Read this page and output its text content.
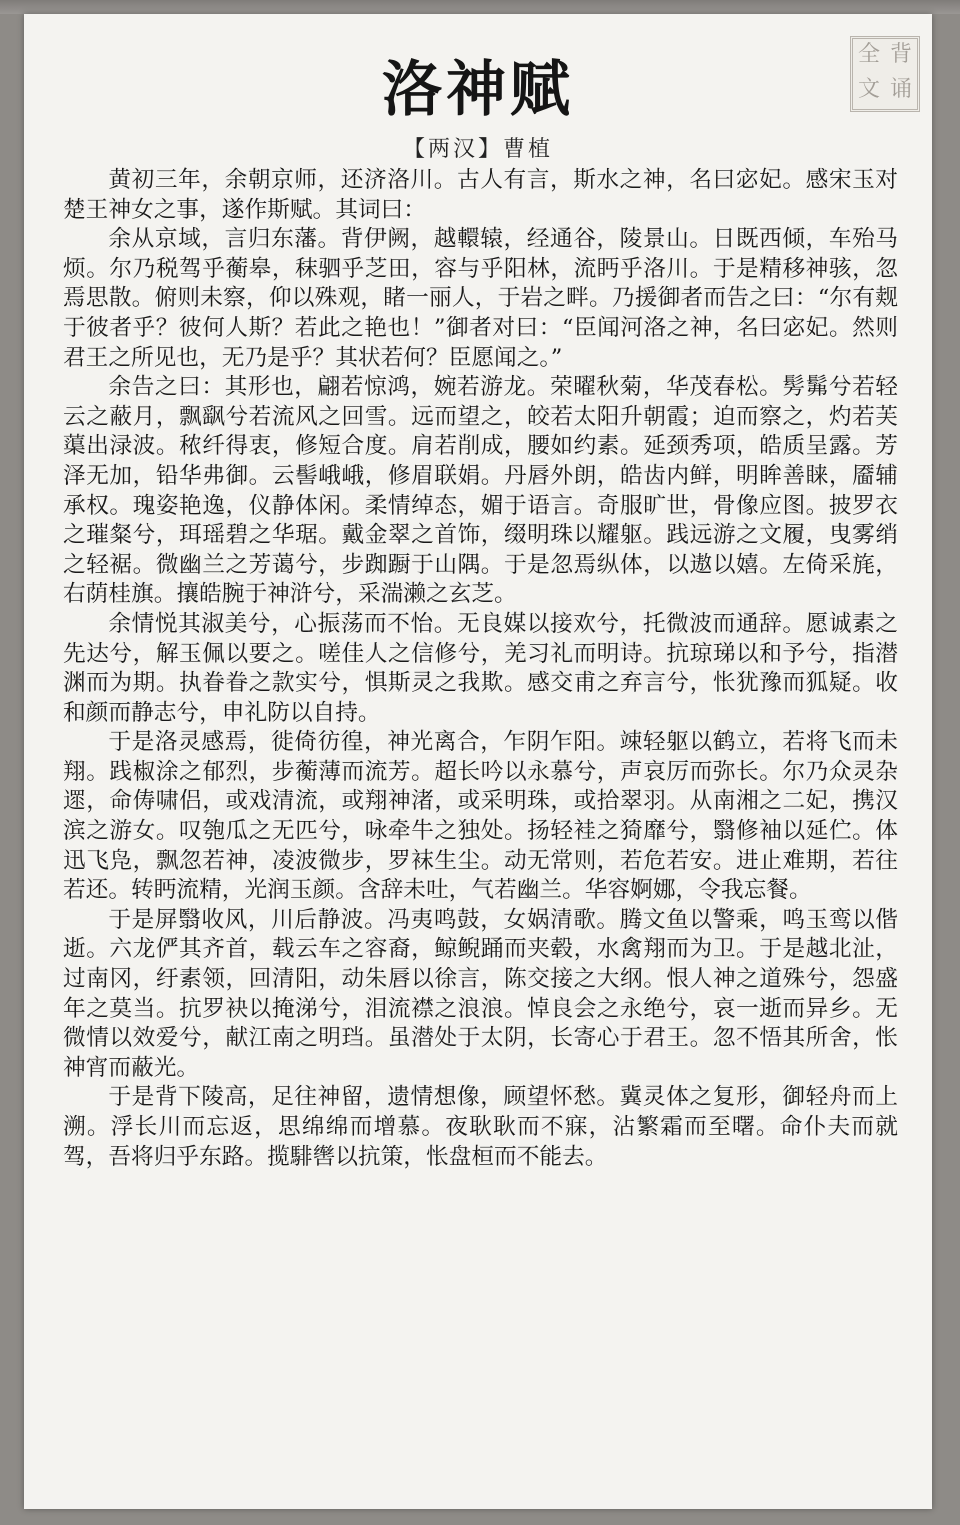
洛神赋
全 背
文 诵
【两汉】曹植

黄初三年，余朝京师，还济洛川。古人有言，斯水之神，名曰宓妃。感宋玉对楚王神女之事，遂作斯赋。其词曰：

余从京域，言归东藩。背伊阙，越轘辕，经通谷，陵景山。日既西倾，车殆马烦。尔乃税驾乎蘅皋，秣驷乎芝田，容与乎阳林，流眄乎洛川。于是精移神骇，忽焉思散。俯则未察，仰以殊观，睹一丽人，于岩之畔。乃援御者而告之曰：“尔有觌于彼者乎？彼何人斯？若此之艳也！”御者对曰：“臣闻河洛之神，名曰宓妃。然则君王之所见也，无乃是乎？其状若何？臣愿闻之。”

余告之曰：其形也，翩若惊鸿，婉若游龙。荣曜秋菊，华茂春松。髣髴兮若轻云之蔽月，飘飖兮若流风之回雪。远而望之，皎若太阳升朝霞；迫而察之，灼若芙蕖出渌波。秾纤得衷，修短合度。肩若削成，腰如约素。延颈秀项，皓质呈露。芳泽无加，铅华弗御。云髻峨峨，修眉联娟。丹唇外朗，皓齿内鲜，明眸善睐，靥辅承权。瑰姿艳逸，仪静体闲。柔情绰态，媚于语言。奇服旷世，骨像应图。披罗衣之璀粲兮，珥瑶碧之华琚。戴金翠之首饰，缀明珠以耀躯。践远游之文履，曳雾绡之轻裾。微幽兰之芳蔼兮，步踟蹰于山隅。于是忽焉纵体，以遨以嬉。左倚采旄，右荫桂旗。攘皓腕于神浒兮，采湍濑之玄芝。

余情悦其淑美兮，心振荡而不怡。无良媒以接欢兮，托微波而通辞。愿诚素之先达兮，解玉佩以要之。嗟佳人之信修兮，羌习礼而明诗。抗琼珶以和予兮，指潜渊而为期。执眷眷之款实兮，惧斯灵之我欺。感交甫之弃言兮，怅犹豫而狐疑。收和颜而静志兮，申礼防以自持。

于是洛灵感焉，徙倚彷徨，神光离合，乍阴乍阳。竦轻躯以鹤立，若将飞而未翔。践椒涂之郁烈，步蘅薄而流芳。超长吟以永慕兮，声哀厉而弥长。尔乃众灵杂遝，命俦啸侣，或戏清流，或翔神渚，或采明珠，或拾翠羽。从南湘之二妃，携汉滨之游女。叹匏瓜之无匹兮，咏牵牛之独处。扬轻袿之猗靡兮，翳修袖以延伫。体迅飞凫，飘忽若神，凌波微步，罗袜生尘。动无常则，若危若安。进止难期，若往若还。转眄流精，光润玉颜。含辞未吐，气若幽兰。华容婀娜，令我忘餐。

于是屏翳收风，川后静波。冯夷鸣鼓，女娲清歌。腾文鱼以警乘，鸣玉鸾以偕逝。六龙俨其齐首，载云车之容裔，鲸鲵踊而夹毂，水禽翔而为卫。于是越北沚，过南冈，纡素领，回清阳，动朱唇以徐言，陈交接之大纲。恨人神之道殊兮，怨盛年之莫当。抗罗袂以掩涕兮，泪流襟之浪浪。悼良会之永绝兮，哀一逝而异乡。无微情以效爱兮，献江南之明珰。虽潜处于太阴，长寄心于君王。忽不悟其所舍，怅神宵而蔽光。

于是背下陵高，足往神留，遗情想像，顾望怀愁。冀灵体之复形，御轻舟而上溯。浮长川而忘返，思绵绵而增慕。夜耿耿而不寐，沾繁霜而至曙。命仆夫而就驾，吾将归乎东路。揽騑辔以抗策，怅盘桓而不能去。
